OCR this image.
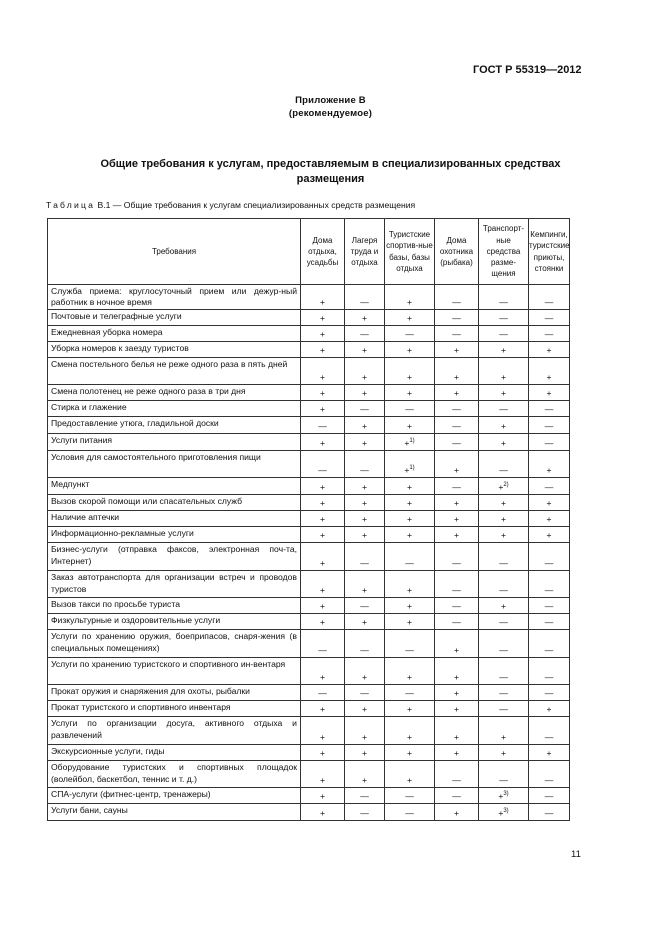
ГОСТ Р 55319—2012
Приложение В
(рекомендуемое)
Общие требования к услугам, предоставляемым в специализированных средствах
размещения
Таблица В.1 — Общие требования к услугам специализированных средств размещения
Требования	Дома отдыха, усадьбы	Лагеря труда и отдыха	Туристские спортив-ные базы, базы отдыха	Дома охотника (рыбака)	Транспорт-ные средства разме-щения	Кемпинги, туристские приюты, стоянки
Служба приема: круглосуточный прием или дежур-ный работник в ночное время	+	—	+	—	—	—
Почтовые и телеграфные услуги	+	+	+	—	—	—
Ежедневная уборка номера	+	—	—	—	—	—
Уборка номеров к заезду туристов	+	+	+	+	+	+
Смена постельного белья не реже одного раза в пять дней	+	+	+	+	+	+
Смена полотенец не реже одного раза в три дня	+	+	+	+	+	+
Стирка и глажение	+	—	—	—	—	—
Предоставление утюга, гладильной доски	—	+	+	—	+	—
Услуги питания	+	+	+$^{1)}$	—	+	—
Условия для самостоятельного приготовления пищи	—	—	+$^{1)}$	+	—	+
Медпункт	+	+	+	—	+$^{2)}$	—
Вызов скорой помощи или спасательных служб	+	+	+	+	+	+
Наличие аптечки	+	+	+	+	+	+
Информационно-рекламные услуги	+	+	+	+	+	+
Бизнес-услуги (отправка факсов, электронная поч-та, Интернет)	+	—	—	—	—	—
Заказ автотранспорта для организации встреч и проводов туристов	+	+	+	—	—	—
Вызов такси по просьбе туриста	+	—	+	—	+	—
Физкультурные и оздоровительные услуги	+	+	+	—	—	—
Услуги по хранению оружия, боеприпасов, снаря-жения (в специальных помещениях)	—	—	—	+	—	—
Услуги по хранению туристского и спортивного ин-вентаря	+	+	+	+	—	—
Прокат оружия и снаряжения для охоты, рыбалки	—	—	—	+	—	—
Прокат туристского и спортивного инвентаря	+	+	+	+	—	+
Услуги по организации досуга, активного отдыха и развлечений	+	+	+	+	+	—
Экскурсионные услуги, гиды	+	+	+	+	+	+
Оборудование туристских и спортивных площадок (волейбол, баскетбол, теннис и т. д.)	+	+	+	—	—	—
СПА-услуги (фитнес-центр, тренажеры)	+	—	—	—	+$^{3)}$	—
Услуги бани, сауны	+	—	—	+	+$^{3)}$	—
11
